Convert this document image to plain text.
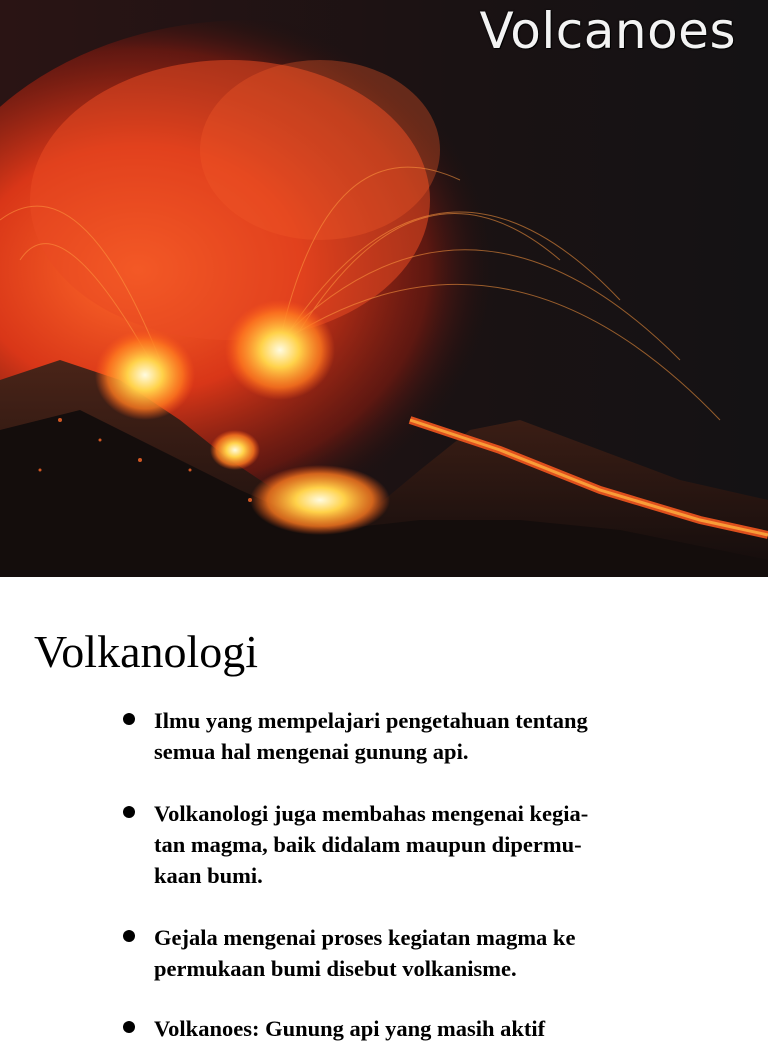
Volcanoes
Volkanologi
Ilmu yang mempelajari pengetahuan tentang
semua hal mengenai gunung api.
Volkanologi juga membahas mengenai kegia-
tan magma, baik didalam maupun dipermu-
kaan bumi.
Gejala mengenai proses kegiatan magma ke
permukaan bumi disebut volkanisme.
Volkanoes: Gunung api yang masih aktif
